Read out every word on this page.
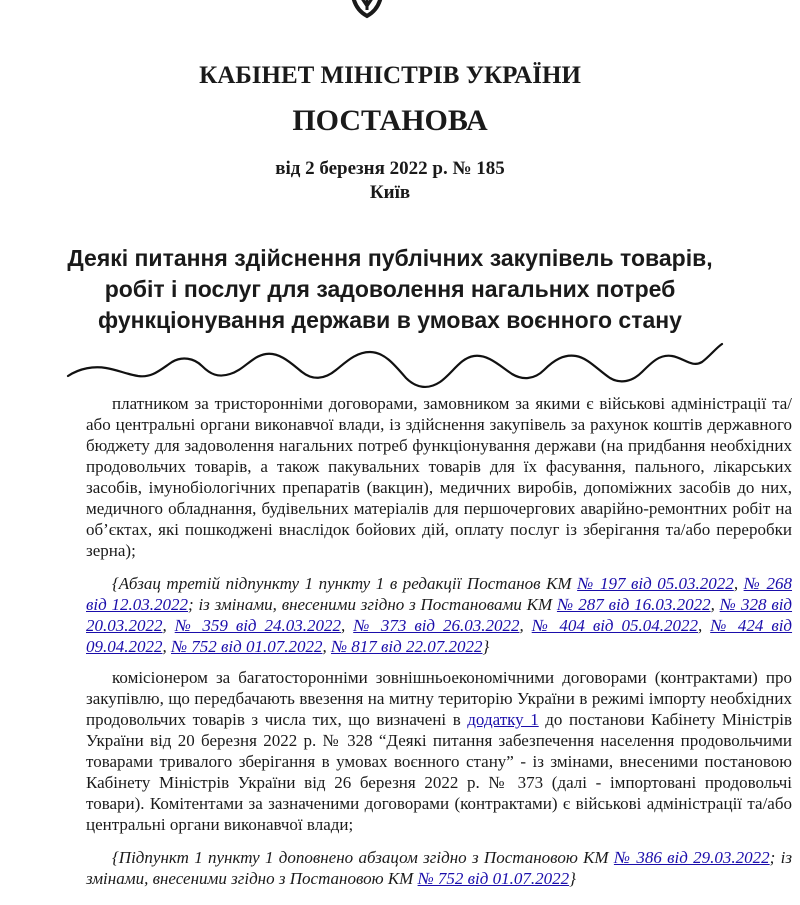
КАБІНЕТ МІНІСТРІВ УКРАЇНИ
ПОСТАНОВА
від 2 березня 2022 р. № 185
Київ
Деякі питання здійснення публічних закупівель товарів,
робіт і послуг для задоволення нагальних потреб
функціонування держави в умовах воєнного стану

платником за тристоронніми договорами, замовником за якими є військові адміністрації та/або центральні органи виконавчої влади, із здійснення закупівель за рахунок коштів державного бюджету для задоволення нагальних потреб функціонування держави (на придбання необхідних продовольчих товарів, а також пакувальних товарів для їх фасування, пального, лікарських засобів, імунобіологічних препаратів (вакцин), медичних виробів, допоміжних засобів до них, медичного обладнання, будівельних матеріалів для першочергових аварійно-ремонтних робіт на об’єктах, які пошкоджені внаслідок бойових дій, оплату послуг із зберігання та/або переробки зерна);

{Абзац третій підпункту 1 пункту 1 в редакції Постанов КМ № 197 від 05.03.2022, № 268 від 12.03.2022; із змінами, внесеними згідно з Постановами КМ № 287 від 16.03.2022, № 328 від 20.03.2022, № 359 від 24.03.2022, № 373 від 26.03.2022, № 404 від 05.04.2022, № 424 від 09.04.2022, № 752 від 01.07.2022, № 817 від 22.07.2022}

комісіонером за багатосторонніми зовнішньоекономічними договорами (контрактами) про закупівлю, що передбачають ввезення на митну територію України в режимі імпорту необхідних продовольчих товарів з числа тих, що визначені в додатку 1 до постанови Кабінету Міністрів України від 20 березня 2022 р. № 328 “Деякі питання забезпечення населення продовольчими товарами тривалого зберігання в умовах воєнного стану” - із змінами, внесеними постановою Кабінету Міністрів України від 26 березня 2022 р. № 373 (далі - імпортовані продовольчі товари). Комітентами за зазначеними договорами (контрактами) є військові адміністрації та/або центральні органи виконавчої влади;

{Підпункт 1 пункту 1 доповнено абзацом згідно з Постановою КМ № 386 від 29.03.2022; із змінами, внесеними згідно з Постановою КМ № 752 від 01.07.2022}
